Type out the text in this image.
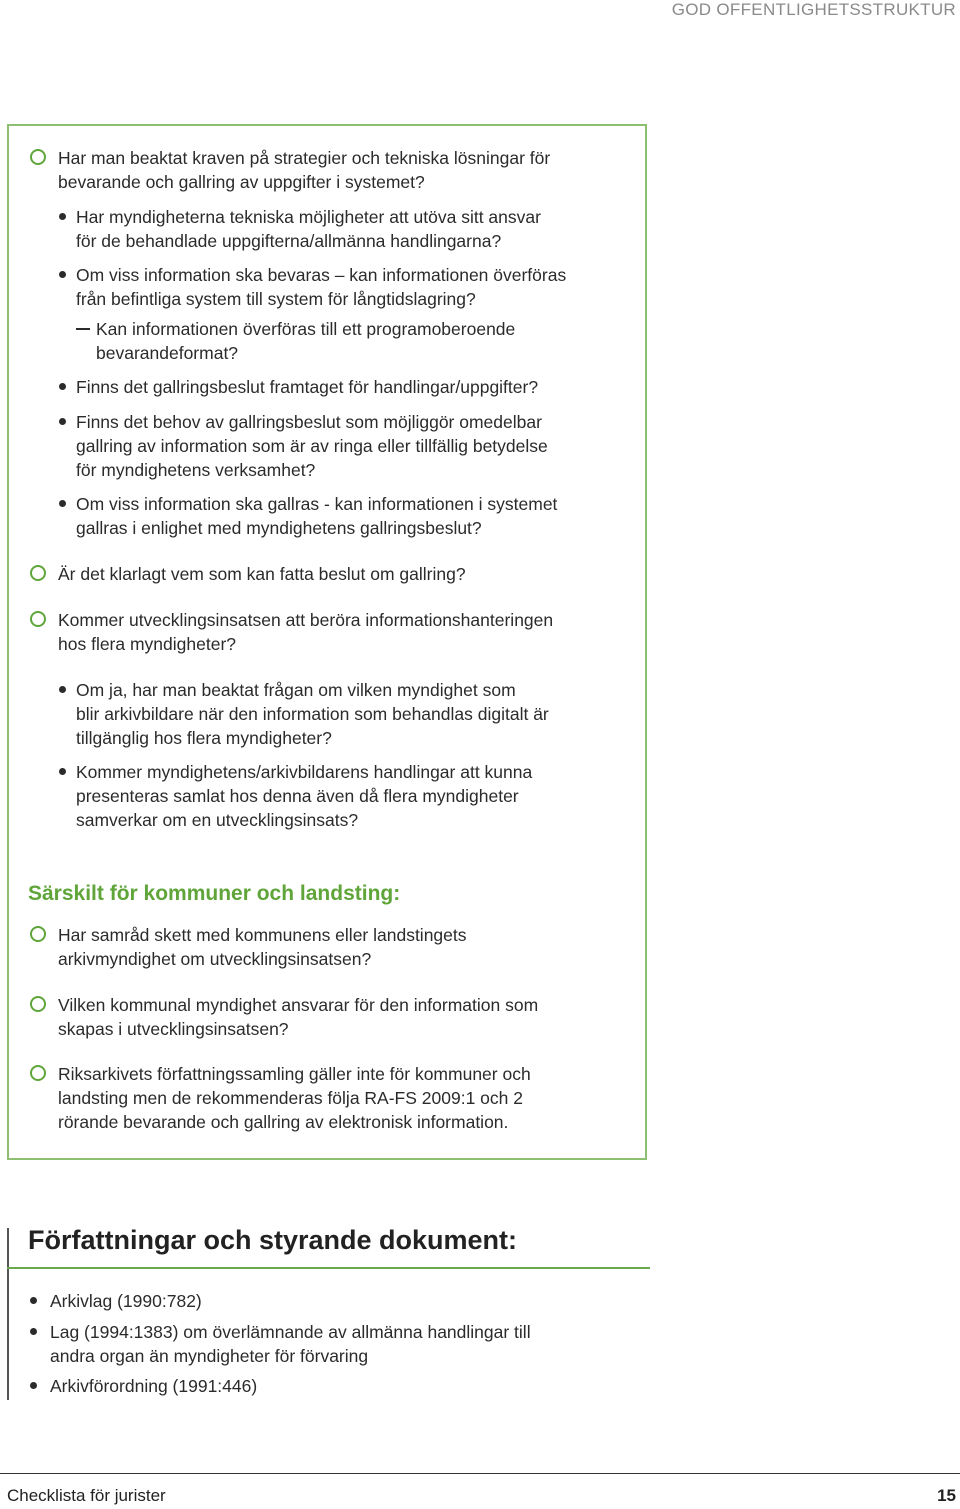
GOD OFFENTLIGHETSSTRUKTUR
Har man beaktat kraven på strategier och tekniska lösningar för
bevarande och gallring av uppgifter i systemet?
Har myndigheterna tekniska möjligheter att utöva sitt ansvar
för de behandlade uppgifterna/allmänna handlingarna?
Om viss information ska bevaras – kan informationen överföras
från befintliga system till system för långtidslagring?
Kan informationen överföras till ett programoberoende
bevarandeformat?
Finns det gallringsbeslut framtaget för handlingar/uppgifter?
Finns det behov av gallringsbeslut som möjliggör omedelbar
gallring av information som är av ringa eller tillfällig betydelse
för myndighetens verksamhet?
Om viss information ska gallras - kan informationen i systemet
gallras i enlighet med myndighetens gallringsbeslut?
Är det klarlagt vem som kan fatta beslut om gallring?
Kommer utvecklingsinsatsen att beröra informationshanteringen
hos flera myndigheter?
Om ja, har man beaktat frågan om vilken myndighet som
blir arkivbildare när den information som behandlas digitalt är
tillgänglig hos flera myndigheter?
Kommer myndighetens/arkivbildarens handlingar att kunna
presenteras samlat hos denna även då flera myndigheter
samverkar om en utvecklingsinsats?
Särskilt för kommuner och landsting:
Har samråd skett med kommunens eller landstingets
arkivmyndighet om utvecklingsinsatsen?
Vilken kommunal myndighet ansvarar för den information som
skapas i utvecklingsinsatsen?
Riksarkivets författningssamling gäller inte för kommuner och
landsting men de rekommenderas följa RA-FS 2009:1 och 2
rörande bevarande och gallring av elektronisk information.
Författningar och styrande dokument:
Arkivlag (1990:782)
Lag (1994:1383) om överlämnande av allmänna handlingar till
andra organ än myndigheter för förvaring
Arkivförordning (1991:446)
Checklista för jurister	15
